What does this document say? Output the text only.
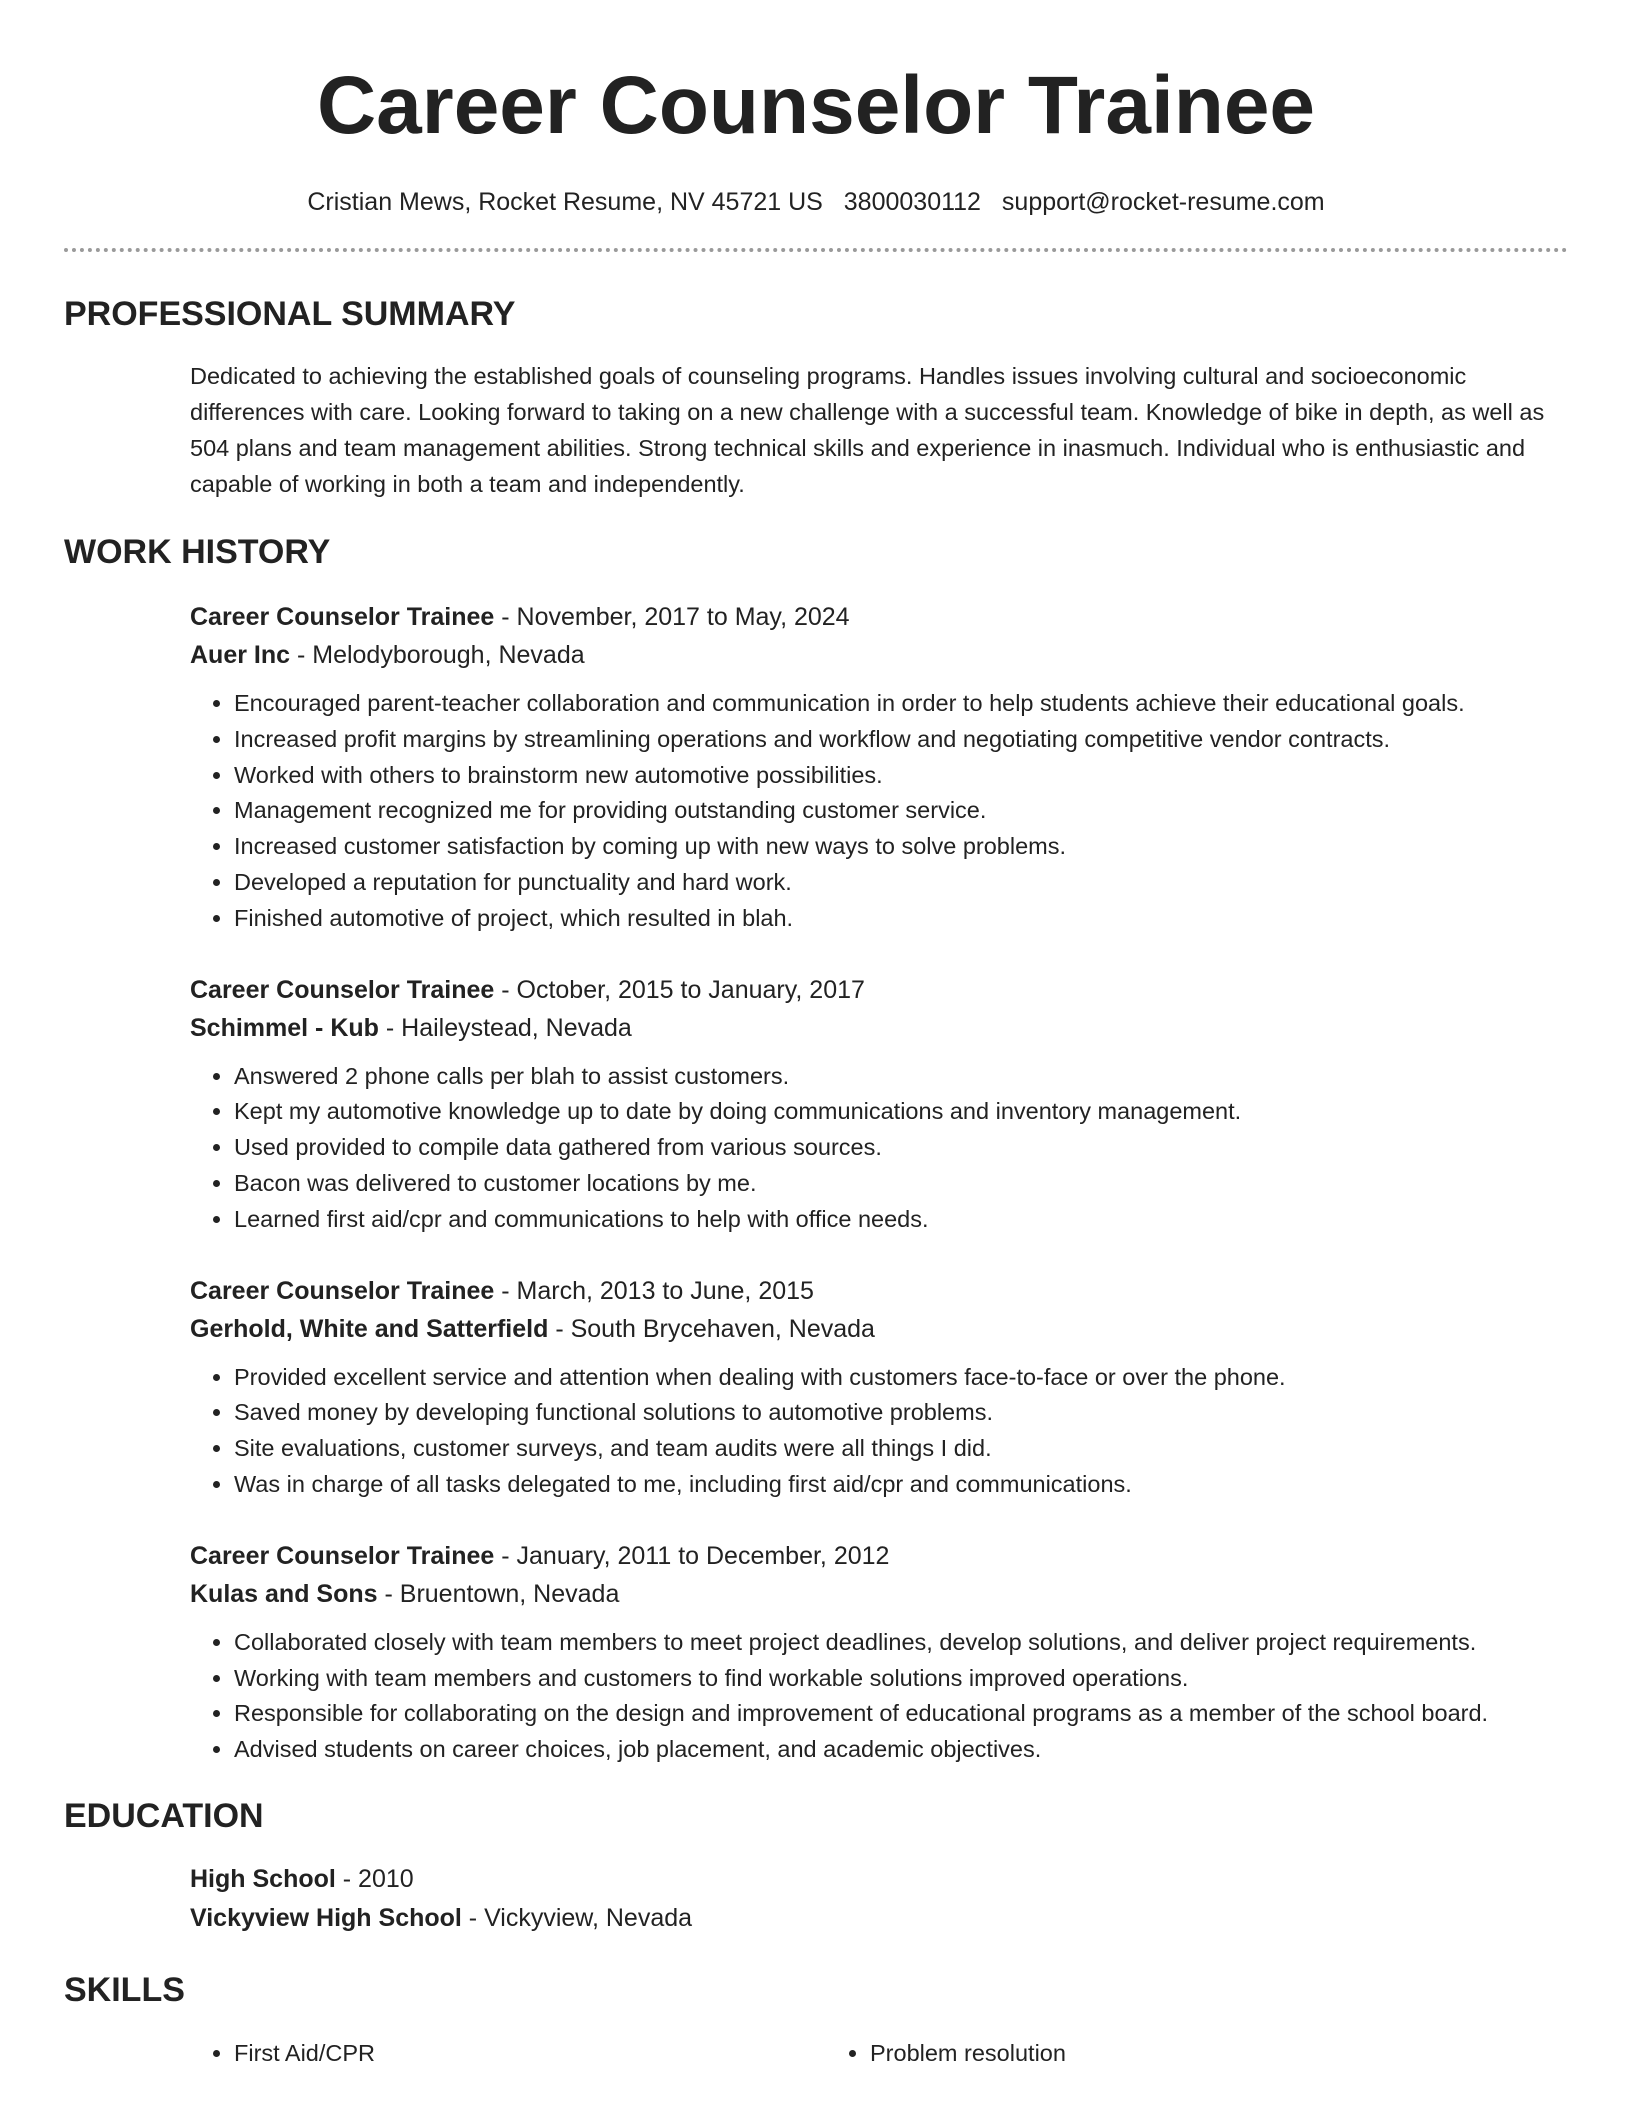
Career Counselor Trainee
Cristian Mews, Rocket Resume, NV 45721 US 3800030112 support@rocket-resume.com
PROFESSIONAL SUMMARY

Dedicated to achieving the established goals of counseling programs. Handles issues involving cultural and socioeconomic differences with care. Looking forward to taking on a new challenge with a successful team. Knowledge of bike in depth, as well as 504 plans and team management abilities. Strong technical skills and experience in inasmuch. Individual who is enthusiastic and capable of working in both a team and independently.

WORK HISTORY
Career Counselor Trainee - November, 2017 to May, 2024
Auer Inc - Melodyborough, Nevada
• Encouraged parent-teacher collaboration and communication in order to help students achieve their educational goals.
• Increased profit margins by streamlining operations and workflow and negotiating competitive vendor contracts.
• Worked with others to brainstorm new automotive possibilities.
• Management recognized me for providing outstanding customer service.
• Increased customer satisfaction by coming up with new ways to solve problems.
• Developed a reputation for punctuality and hard work.
• Finished automotive of project, which resulted in blah.
Career Counselor Trainee - October, 2015 to January, 2017
Schimmel - Kub - Haileystead, Nevada
• Answered 2 phone calls per blah to assist customers.
• Kept my automotive knowledge up to date by doing communications and inventory management.
• Used provided to compile data gathered from various sources.
• Bacon was delivered to customer locations by me.
• Learned first aid/cpr and communications to help with office needs.
Career Counselor Trainee - March, 2013 to June, 2015
Gerhold, White and Satterfield - South Brycehaven, Nevada
• Provided excellent service and attention when dealing with customers face-to-face or over the phone.
• Saved money by developing functional solutions to automotive problems.
• Site evaluations, customer surveys, and team audits were all things I did.
• Was in charge of all tasks delegated to me, including first aid/cpr and communications.
Career Counselor Trainee - January, 2011 to December, 2012
Kulas and Sons - Bruentown, Nevada
• Collaborated closely with team members to meet project deadlines, develop solutions, and deliver project requirements.
• Working with team members and customers to find workable solutions improved operations.
• Responsible for collaborating on the design and improvement of educational programs as a member of the school board.
• Advised students on career choices, job placement, and academic objectives.
EDUCATION
High School - 2010
Vickyview High School - Vickyview, Nevada
SKILLS
• First Aid/CPR
•	Problem resolution
